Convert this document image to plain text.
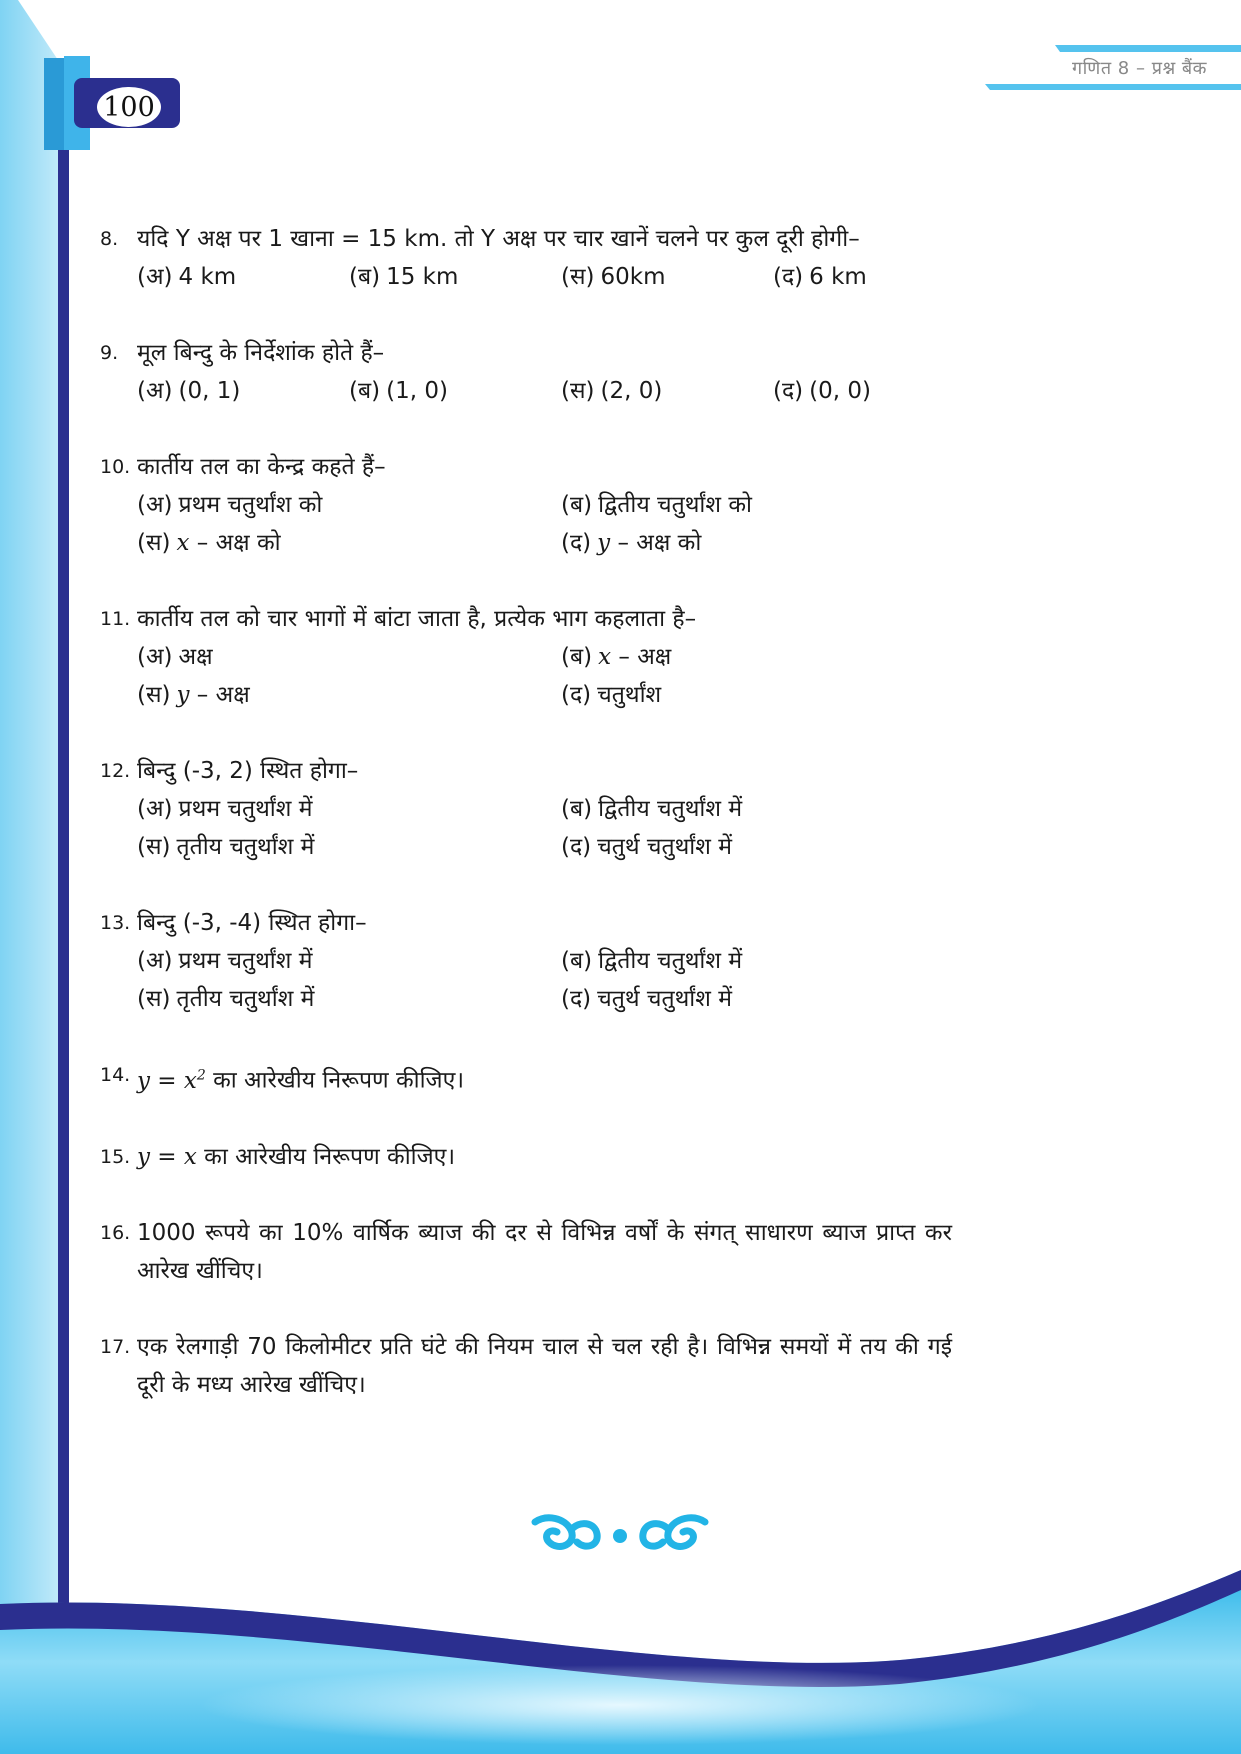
गणित 8 – प्रश्न बैंक
100
8. यदि Y अक्ष पर 1 खाना = 15 km. तो Y अक्ष पर चार खानें चलने पर कुल दूरी होगी–
(अ) 4 km	(ब) 15 km	(स) 60km	(द) 6 km
9. मूल बिन्दु के निर्देशांक होते हैं–
(अ) (0, 1)	(ब) (1, 0)	(स) (2, 0)	(द) (0, 0)
10. कार्तीय तल का केन्द्र कहते हैं–
(अ) प्रथम चतुर्थांश को	(ब) द्वितीय चतुर्थांश को
(स) x – अक्ष को	(द) y – अक्ष को
11. कार्तीय तल को चार भागों में बांटा जाता है, प्रत्येक भाग कहलाता है–
(अ) अक्ष	(ब) x – अक्ष
(स) y – अक्ष	(द) चतुर्थांश
12. बिन्दु (-3, 2) स्थित होगा–
(अ) प्रथम चतुर्थांश में	(ब) द्वितीय चतुर्थांश में
(स) तृतीय चतुर्थांश में	(द) चतुर्थ चतुर्थांश में
13. बिन्दु (-3, -4) स्थित होगा–
(अ) प्रथम चतुर्थांश में	(ब) द्वितीय चतुर्थांश में
(स) तृतीय चतुर्थांश में	(द) चतुर्थ चतुर्थांश में
14. $y = x^2$ का आरेखीय निरूपण कीजिए।
15. y = x का आरेखीय निरूपण कीजिए।
16. 1000 रूपये का 10% वार्षिक ब्याज की दर से विभिन्न वर्षों के संगत् साधारण ब्याज प्राप्त कर आरेख खींचिए।
17. एक रेलगाड़ी 70 किलोमीटर प्रति घंटे की नियम चाल से चल रही है। विभिन्न समयों में तय की गई दूरी के मध्य आरेख खींचिए।
